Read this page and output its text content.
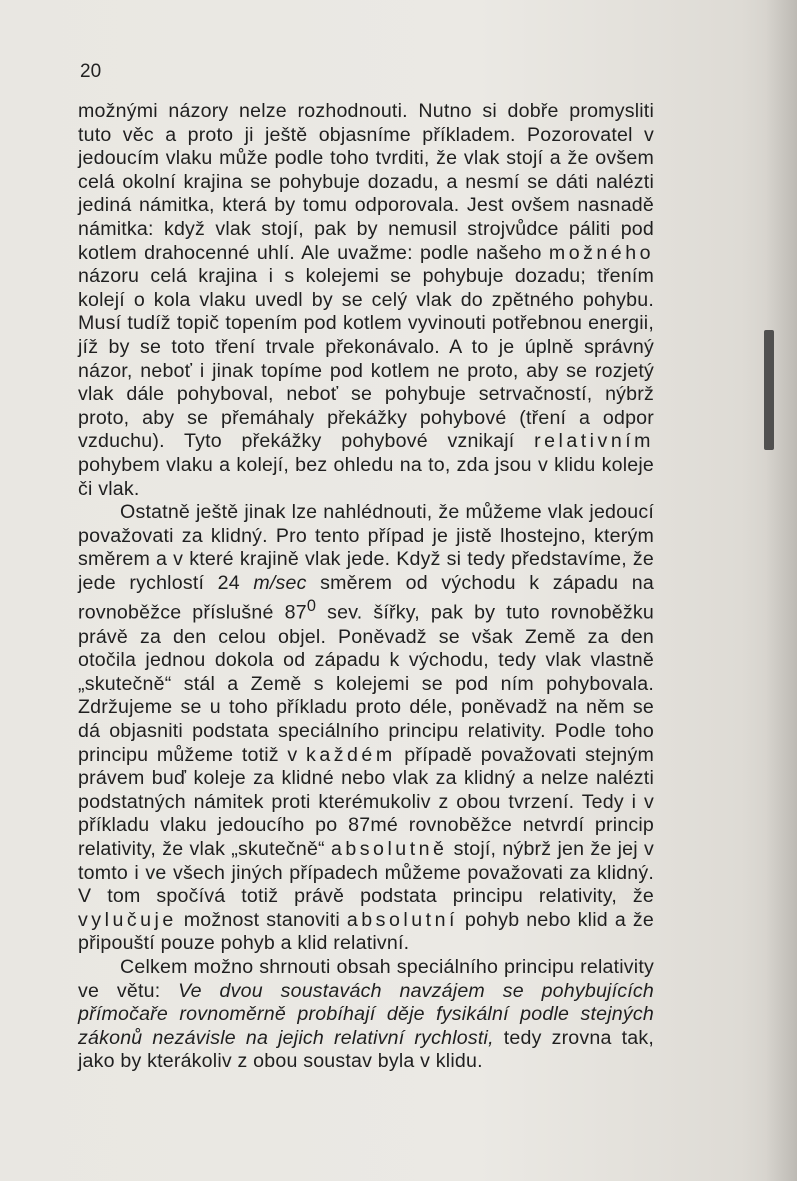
20

možnými názory nelze rozhodnouti. Nutno si dobře promysliti tuto věc a proto ji ještě objasníme příkladem. Pozorovatel v jedoucím vlaku může podle toho tvrditi, že vlak stojí a že ovšem celá okolní krajina se pohybuje dozadu, a nesmí se dáti nalézti jediná námitka, která by tomu odporovala. Jest ovšem nasnadě námitka: když vlak stojí, pak by nemusil strojvůdce páliti pod kotlem drahocenné uhlí. Ale uvažme: podle našeho možného názoru celá krajina i s kolejemi se pohybuje dozadu; třením kolejí o kola vlaku uvedl by se celý vlak do zpětného pohybu. Musí tudíž topič topením pod kotlem vyvinouti potřebnou energii, jíž by se toto tření trvale překonávalo. A to je úplně správný názor, neboť i jinak topíme pod kotlem ne proto, aby se rozjetý vlak dále pohyboval, neboť se pohybuje setrvačností, nýbrž proto, aby se přemáhaly překážky pohybové (tření a odpor vzduchu). Tyto překážky pohybové vznikají relativním pohybem vlaku a kolejí, bez ohledu na to, zda jsou v klidu koleje či vlak.

Ostatně ještě jinak lze nahlédnouti, že můžeme vlak jedoucí považovati za klidný. Pro tento případ je jistě lhostejno, kterým směrem a v které krajině vlak jede. Když si tedy představíme, že jede rychlostí 24 m/sec směrem od východu k západu na rovnoběžce příslušné $87^0$ sev. šířky, pak by tuto rovnoběžku právě za den celou objel. Poněvadž se však Země za den otočila jednou dokola od západu k východu, tedy vlak vlastně „skutečně“ stál a Země s kolejemi se pod ním pohybovala. Zdržujeme se u toho příkladu proto déle, poněvadž na něm se dá objasniti podstata speciálního principu relativity. Podle toho principu můžeme totiž v každém případě považovati stejným právem buď koleje za klidné nebo vlak za klidný a nelze nalézti podstatných námitek proti kterémukoliv z obou tvrzení. Tedy i v příkladu vlaku jedoucího po 87mé rovnoběžce netvrdí princip relativity, že vlak „skutečně“ absolutně stojí, nýbrž jen že jej v tomto i ve všech jiných případech můžeme považovati za klidný. V tom spočívá totiž právě podstata principu relativity, že vylučuje možnost stanoviti absolutní pohyb nebo klid a že připouští pouze pohyb a klid relativní.

Celkem možno shrnouti obsah speciálního principu relativity ve větu: Ve dvou soustavách navzájem se pohybujících přímočaře rovnoměrně probíhají děje fysikální podle stejných zákonů nezávisle na jejich relativní rychlosti, tedy zrovna tak, jako by kterákoliv z obou soustav byla v klidu.
